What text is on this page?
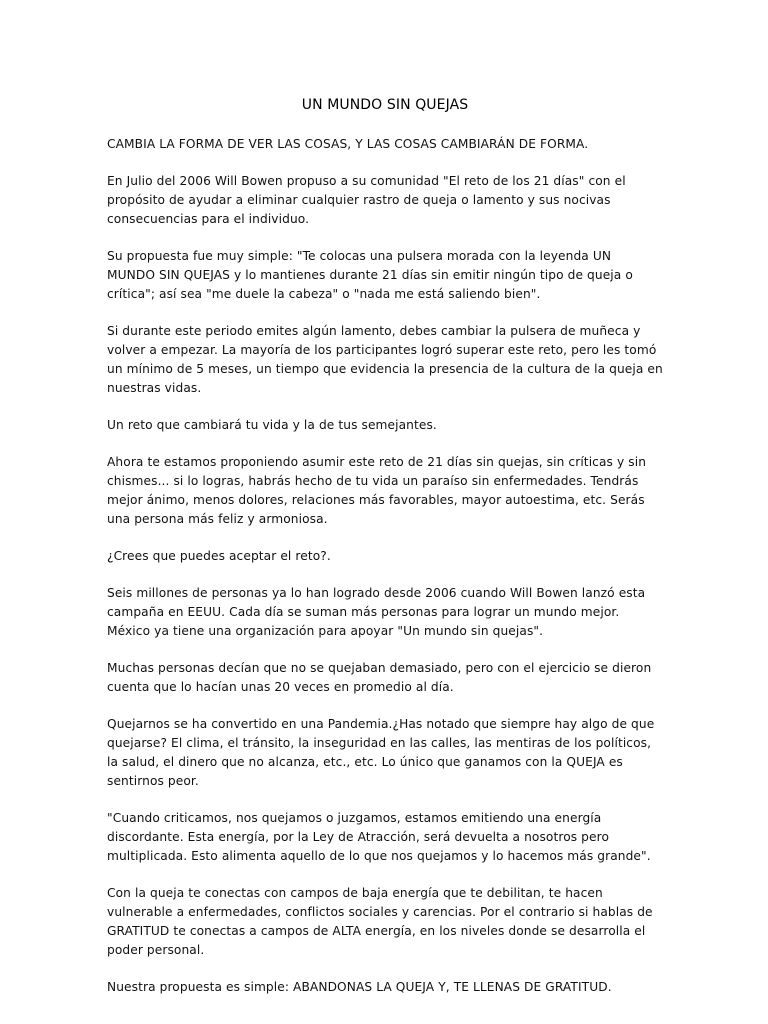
UN MUNDO SIN QUEJAS

CAMBIA LA FORMA DE VER LAS COSAS, Y LAS COSAS CAMBIARÁN DE FORMA.

En Julio del 2006 Will Bowen propuso a su comunidad "El reto de los 21 días" con el propósito de ayudar a eliminar cualquier rastro de queja o lamento y sus nocivas consecuencias para el individuo.

Su propuesta fue muy simple: "Te colocas una pulsera morada con la leyenda UN MUNDO SIN QUEJAS y lo mantienes durante 21 días sin emitir ningún tipo de queja o crítica"; así sea "me duele la cabeza" o "nada me está saliendo bien".

Si durante este periodo emites algún lamento, debes cambiar la pulsera de muñeca y volver a empezar. La mayoría de los participantes logró superar este reto, pero les tomó un mínimo de 5 meses, un tiempo que evidencia la presencia de la cultura de la queja en nuestras vidas.

Un reto que cambiará tu vida y la de tus semejantes.

Ahora te estamos proponiendo asumir este reto de 21 días sin quejas, sin críticas y sin chismes... si lo logras, habrás hecho de tu vida un paraíso sin enfermedades. Tendrás mejor ánimo, menos dolores, relaciones más favorables, mayor autoestima, etc. Serás una persona más feliz y armoniosa.

¿Crees que puedes aceptar el reto?.

Seis millones de personas ya lo han logrado desde 2006 cuando Will Bowen lanzó esta campaña en EEUU. Cada día se suman más personas para lograr un mundo mejor. México ya tiene una organización para apoyar "Un mundo sin quejas".

Muchas personas decían que no se quejaban demasiado, pero con el ejercicio se dieron cuenta que lo hacían unas 20 veces en promedio al día.

Quejarnos se ha convertido en una Pandemia.¿Has notado que siempre hay algo de que quejarse? El clima, el tránsito, la inseguridad en las calles, las mentiras de los políticos, la salud, el dinero que no alcanza, etc., etc. Lo único que ganamos con la QUEJA es sentirnos peor.

"Cuando criticamos, nos quejamos o juzgamos, estamos emitiendo una energía discordante. Esta energía, por la Ley de Atracción, será devuelta a nosotros pero multiplicada. Esto alimenta aquello de lo que nos quejamos y lo hacemos más grande".

Con la queja te conectas con campos de baja energía que te debilitan, te hacen vulnerable a enfermedades, conflictos sociales y carencias. Por el contrario si hablas de GRATITUD te conectas a campos de ALTA energía, en los niveles donde se desarrolla el poder personal.

Nuestra propuesta es simple: ABANDONAS LA QUEJA Y, TE LLENAS DE GRATITUD.
